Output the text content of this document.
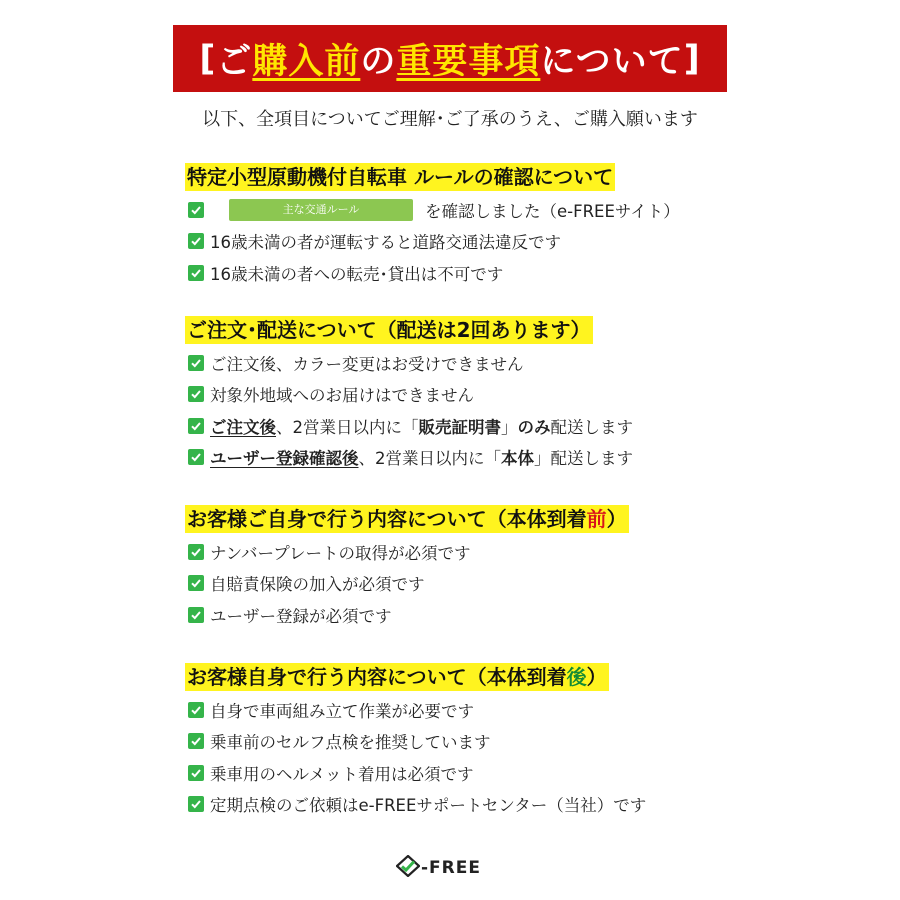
[ ご 購入前 の 重要事項 について ]
以下、全項目についてご理解･ご了承のうえ、ご購入願います
特定小型原動機付自転車 ルールの確認について
主な交通ルール	を確認しました（e-FREEサイト）
16歳未満の者が運転すると道路交通法違反です
16歳未満の者への転売･貸出は不可です
ご注文･配送について（配送は2回あります）
ご注文後、カラー変更はお受けできません
対象外地域へのお届けはできません
ご注文後 、2営業日以内に「 販売証明書 」 のみ 配送します
ユーザー登録確認後 、2営業日以内に「 本体 」配送します
お客様ご自身で行う内容について（本体到着前）
ナンバープレートの取得が必須です
自賠責保険の加入が必須です
ユーザー登録が必須です
お客様自身で行う内容について（本体到着後）
自身で車両組み立て作業が必要です
乗車前のセルフ点検を推奨しています
乗車用のヘルメット着用は必須です
定期点検のご依頼はe-FREEサポートセンター（当社）です
-FREE
